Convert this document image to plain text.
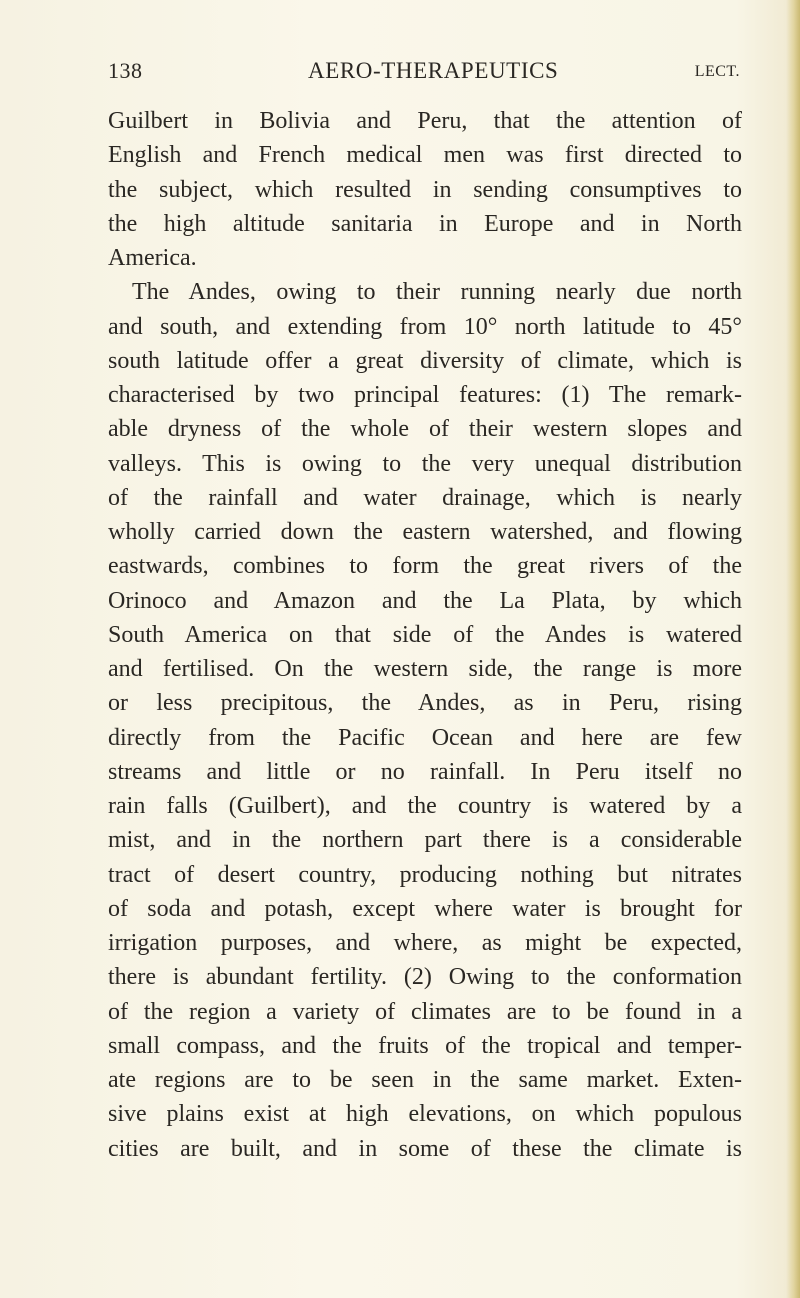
138	AERO-THERAPEUTICS	LECT.
Guilbert in Bolivia and Peru, that the attention of
English and French medical men was first directed to
the subject, which resulted in sending consumptives to
the high altitude sanitaria in Europe and in North
America.
The Andes, owing to their running nearly due north
and south, and extending from 10° north latitude to 45°
south latitude offer a great diversity of climate, which is
characterised by two principal features: (1) The remark-
able dryness of the whole of their western slopes and
valleys. This is owing to the very unequal distribution
of the rainfall and water drainage, which is nearly
wholly carried down the eastern watershed, and flowing
eastwards, combines to form the great rivers of the
Orinoco and Amazon and the La Plata, by which
South America on that side of the Andes is watered
and fertilised. On the western side, the range is more
or less precipitous, the Andes, as in Peru, rising
directly from the Pacific Ocean and here are few
streams and little or no rainfall. In Peru itself no
rain falls (Guilbert), and the country is watered by a
mist, and in the northern part there is a considerable
tract of desert country, producing nothing but nitrates
of soda and potash, except where water is brought for
irrigation purposes, and where, as might be expected,
there is abundant fertility. (2) Owing to the conformation
of the region a variety of climates are to be found in a
small compass, and the fruits of the tropical and temper-
ate regions are to be seen in the same market. Exten-
sive plains exist at high elevations, on which populous
cities are built, and in some of these the climate is
